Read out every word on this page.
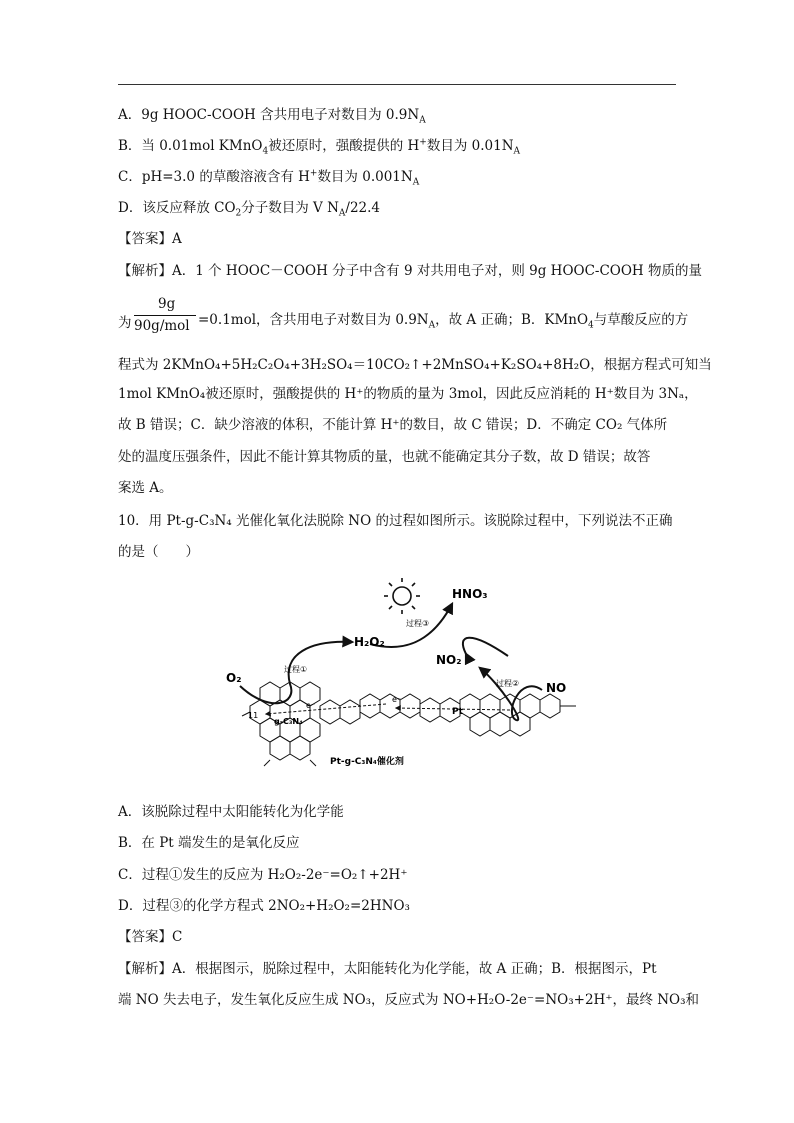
A．9g HOOC-COOH 含共用电子对数目为 $0.9N_A$
B．当 0.01mol KMnO$_4$被还原时，强酸提供的 H+数目为 $0.01N_A$
C．pH=3.0 的草酸溶液含有 H+数目为 $0.001N_A$
D．该反应释放 $CO_2$分子数目为 V $N_A/22.4$
【答案】A
【解析】A．1 个 HOOC－COOH 分子中含有 9 对共用电子对，则 9g HOOC-COOH 物质的量
为
9g
90g/mol =0.1mol，含共用电子对数目为 $0.9N_A$，故 A 正确；B．KMnO$_4$与草酸反应的方
程式为 2KMnO₄+5H₂C₂O₄+3H₂SO₄＝10CO₂↑+2MnSO₄+K₂SO₄+8H₂O，根据方程式可知当
1mol KMnO₄被还原时，强酸提供的 H⁺的物质的量为 3mol，因此反应消耗的 H⁺数目为 3Nₐ，
故 B 错误；C．缺少溶液的体积，不能计算 H⁺的数目，故 C 错误；D．不确定 CO₂ 气体所
处的温度压强条件，因此不能计算其物质的量，也就不能确定其分子数，故 D 错误；故答
案选 A。
10．用 Pt-g-C₃N₄ 光催化氧化法脱除 NO 的过程如图所示。该脱除过程中，下列说法不正确
的是（　　）
HNO₃
过程③
H₂O₂
NO₂
NO
O₂
过程①
过程②
11
g-C₃N₄
e⁻
e⁻
Pt
Pt-g-C₃N₄催化剂
A．该脱除过程中太阳能转化为化学能
B．在 Pt 端发生的是氧化反应
C．过程①发生的反应为 H₂O₂-2e⁻=O₂↑+2H⁺
D．过程③的化学方程式 2NO₂+H₂O₂=2HNO₃
【答案】C
【解析】A．根据图示，脱除过程中，太阳能转化为化学能，故 A 正确；B．根据图示，Pt
端 NO 失去电子，发生氧化反应生成 NO₃，反应式为 NO+H₂O-2e⁻=NO₃+2H⁺，最终 NO₃和
